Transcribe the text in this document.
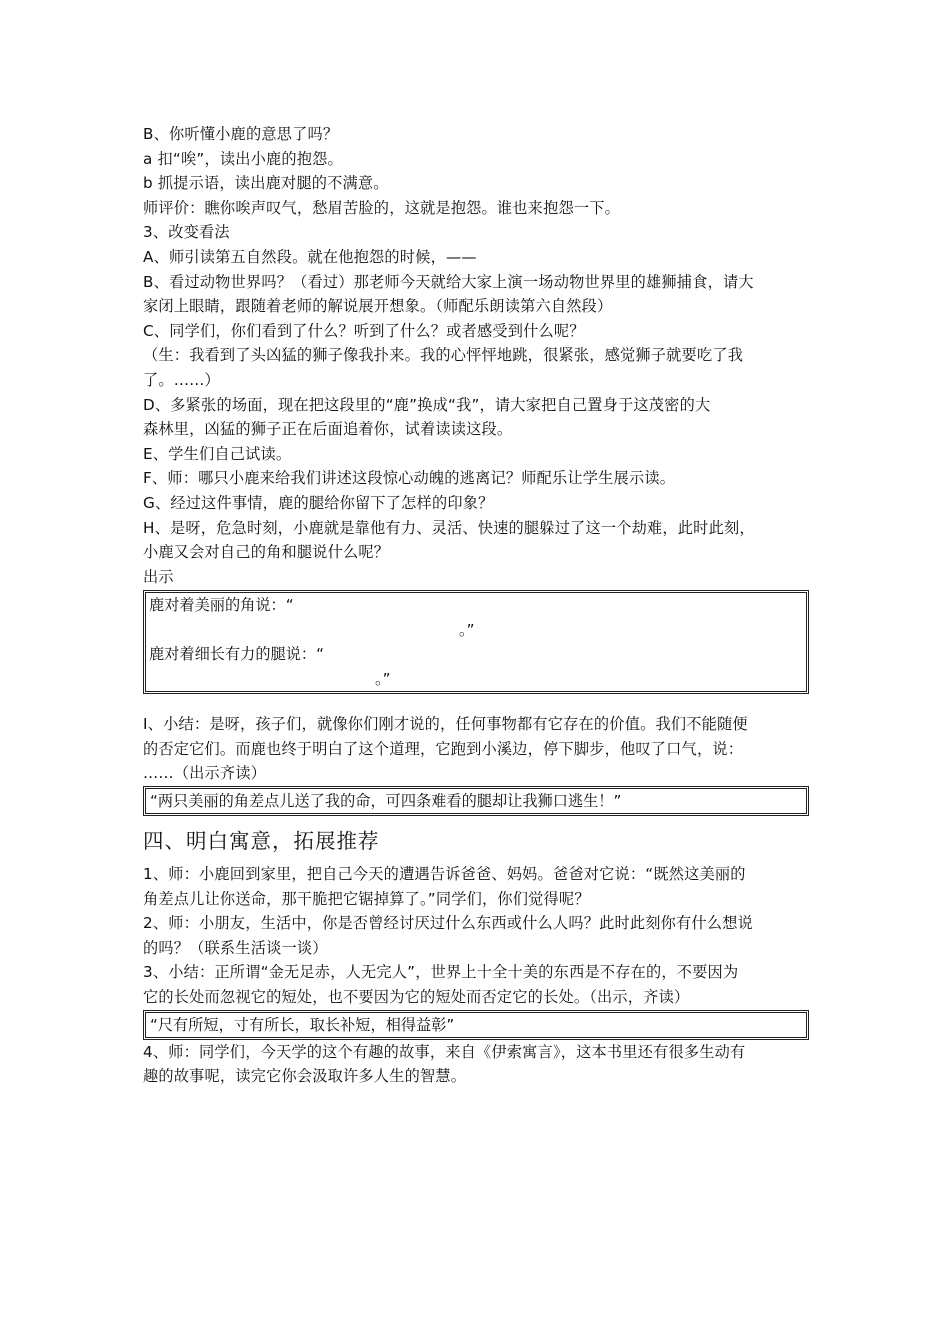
B、你听懂小鹿的意思了吗？
a 扣“唉”，读出小鹿的抱怨。
b 抓提示语，读出鹿对腿的不满意。
师评价：瞧你唉声叹气，愁眉苦脸的，这就是抱怨。谁也来抱怨一下。
3、改变看法
A、师引读第五自然段。就在他抱怨的时候，——
B、看过动物世界吗？（看过）那老师今天就给大家上演一场动物世界里的雄狮捕食，请大
家闭上眼睛，跟随着老师的解说展开想象。（师配乐朗读第六自然段）
C、同学们，你们看到了什么？听到了什么？或者感受到什么呢？
（生：我看到了头凶猛的狮子像我扑来。我的心怦怦地跳，很紧张，感觉狮子就要吃了我
了。……）
D、多紧张的场面，现在把这段里的“鹿”换成“我”，请大家把自己置身于这茂密的大
森林里，凶猛的狮子正在后面追着你，试着读读这段。
E、学生们自己试读。
F、师：哪只小鹿来给我们讲述这段惊心动魄的逃离记？师配乐让学生展示读。
G、经过这件事情，鹿的腿给你留下了怎样的印象？
H、是呀，危急时刻，小鹿就是靠他有力、灵活、快速的腿躲过了这一个劫难，此时此刻，
小鹿又会对自己的角和腿说什么呢？
出示
鹿对着美丽的角说：“
。”
鹿对着细长有力的腿说：“
。”
I、小结：是呀，孩子们，就像你们刚才说的，任何事物都有它存在的价值。我们不能随便
的否定它们。而鹿也终于明白了这个道理，它跑到小溪边，停下脚步，他叹了口气，说：
……（出示齐读）
“两只美丽的角差点儿送了我的命，可四条难看的腿却让我狮口逃生！”
四、明白寓意，拓展推荐
1、师：小鹿回到家里，把自己今天的遭遇告诉爸爸、妈妈。爸爸对它说：“既然这美丽的
角差点儿让你送命，那干脆把它锯掉算了。”同学们，你们觉得呢？
2、师：小朋友，生活中，你是否曾经讨厌过什么东西或什么人吗？此时此刻你有什么想说
的吗？（联系生活谈一谈）
3、小结：正所谓“金无足赤，人无完人”，世界上十全十美的东西是不存在的，不要因为
它的长处而忽视它的短处，也不要因为它的短处而否定它的长处。（出示，齐读）
“尺有所短，寸有所长，取长补短，相得益彰”
4、师：同学们，今天学的这个有趣的故事，来自《伊索寓言》，这本书里还有很多生动有
趣的故事呢，读完它你会汲取许多人生的智慧。
